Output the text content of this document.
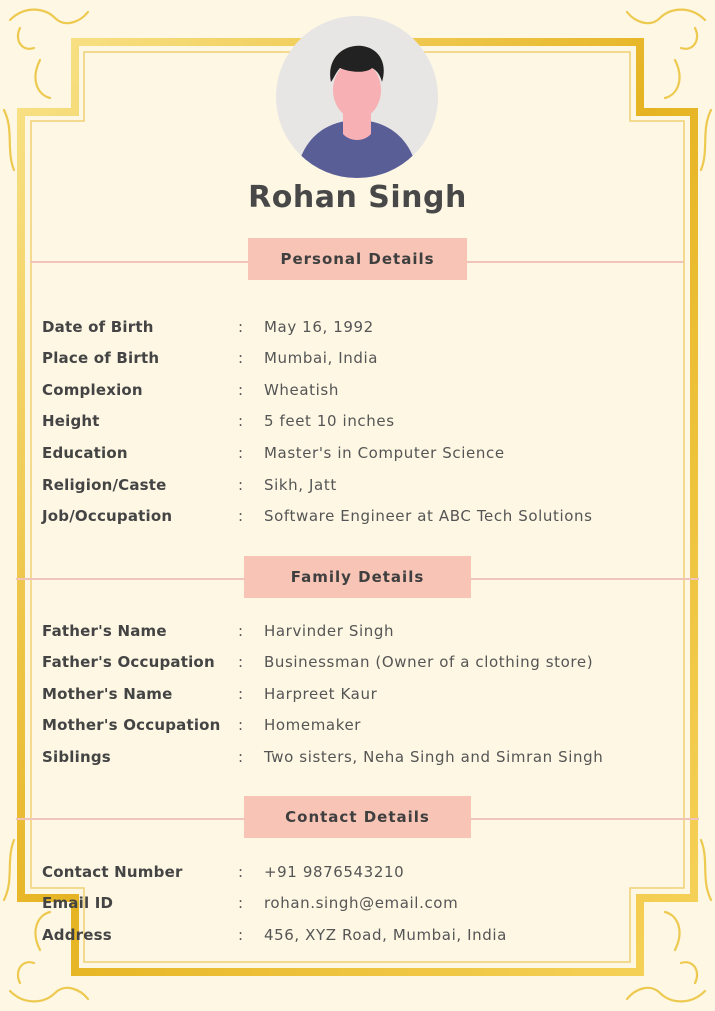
Rohan Singh
Personal Details
Date of Birth	: May 16, 1992
Place of Birth	: Mumbai, India
Complexion	: Wheatish
Height	: 5 feet 10 inches
Education	: Master's in Computer Science
Religion/Caste	: Sikh, Jatt
Job/Occupation	: Software Engineer at ABC Tech Solutions
Family Details
Father's Name	: Harvinder Singh
Father's Occupation : Businessman (Owner of a clothing store)
Mother's Name	: Harpreet Kaur
Mother's Occupation : Homemaker
Siblings	: Two sisters, Neha Singh and Simran Singh
Contact Details
Contact Number	: +91 9876543210
Email ID	: rohan.singh@email.com
Address	: 456, XYZ Road, Mumbai, India
